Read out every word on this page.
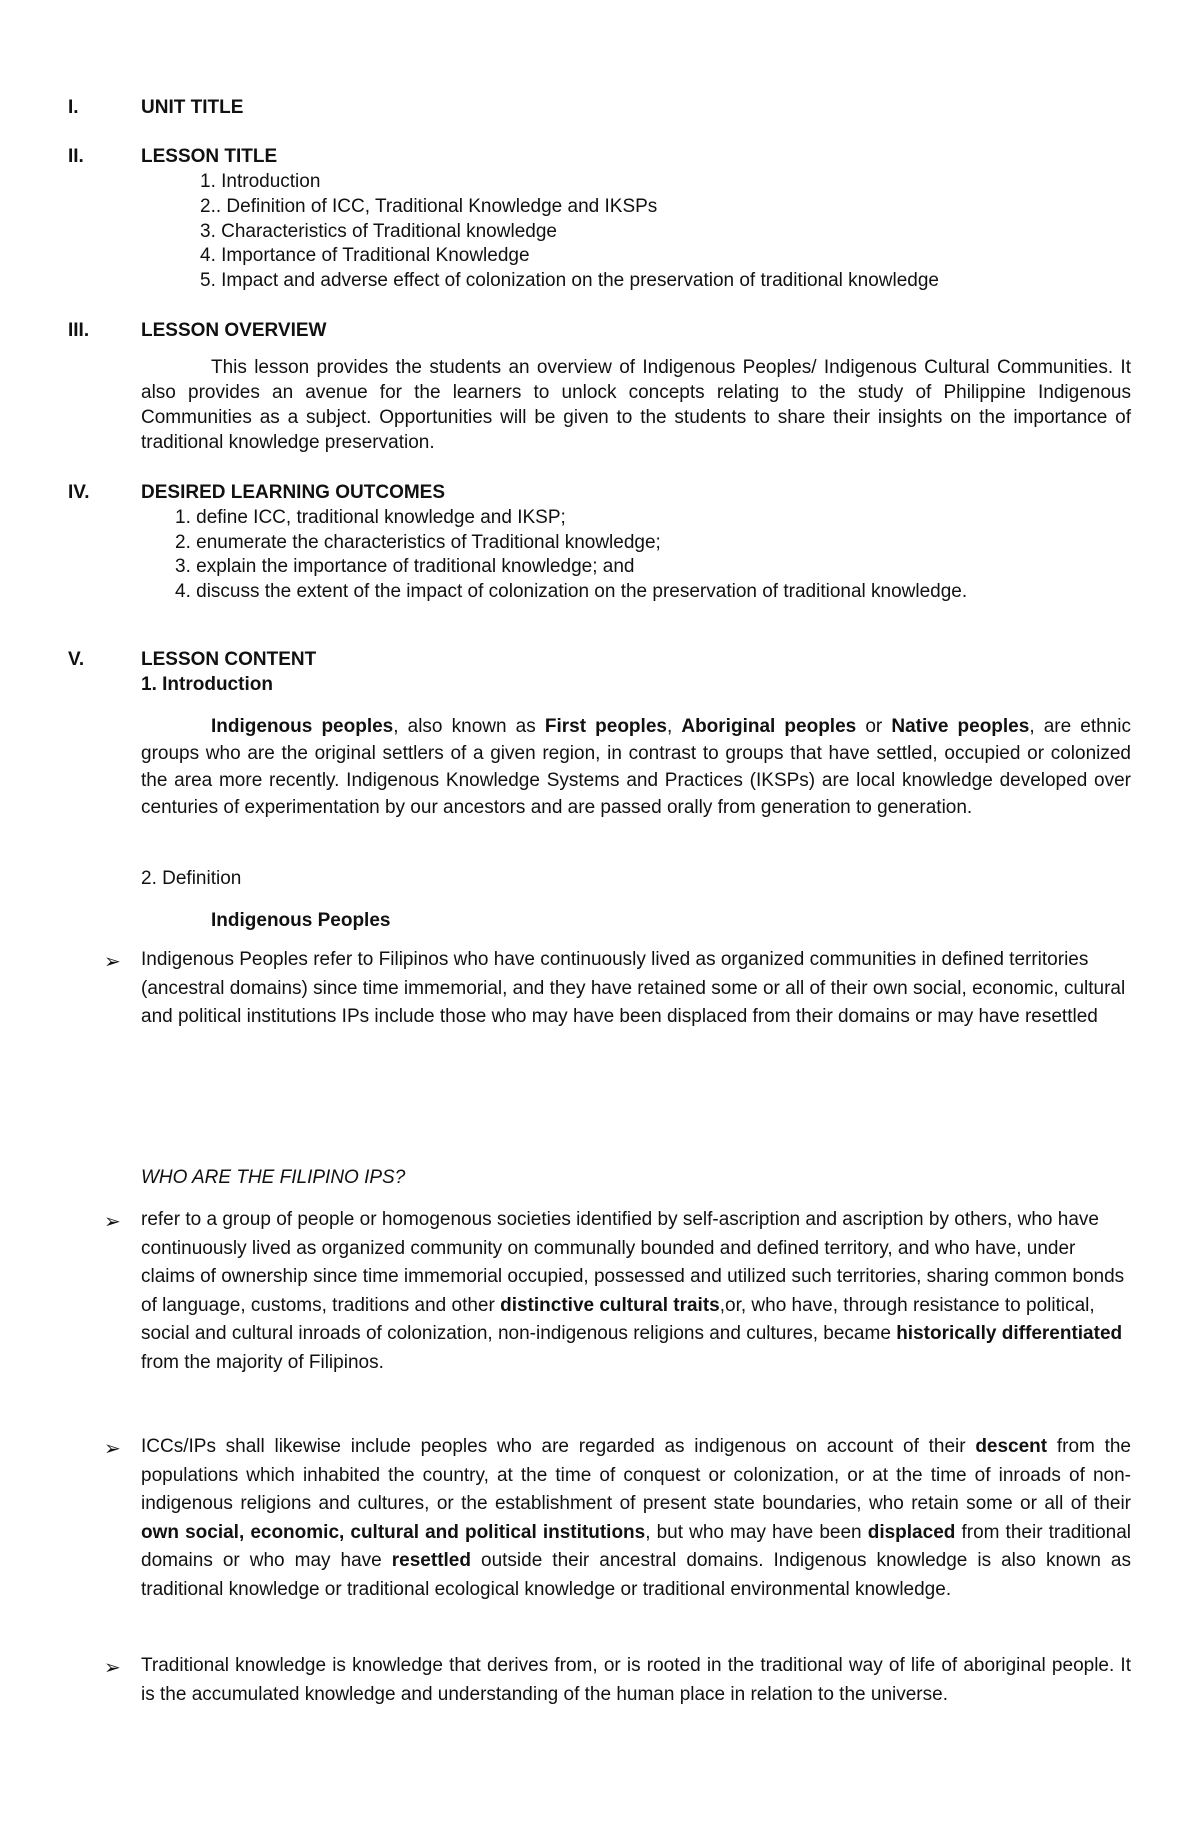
I.	UNIT TITLE
II.	LESSON TITLE
1. Introduction
2.. Definition of ICC, Traditional Knowledge and IKSPs
3. Characteristics of Traditional knowledge
4. Importance of Traditional Knowledge
5. Impact and adverse effect of colonization on the preservation of traditional knowledge
III.	LESSON OVERVIEW
This lesson provides the students an overview of Indigenous Peoples/ Indigenous Cultural Communities. It also provides an avenue for the learners to unlock concepts relating to the study of Philippine Indigenous Communities as a subject. Opportunities will be given to the students to share their insights on the importance of traditional knowledge preservation.
IV.	DESIRED LEARNING OUTCOMES
1. define ICC, traditional knowledge and IKSP;
2. enumerate the characteristics of Traditional knowledge;
3. explain the importance of traditional knowledge; and
4. discuss the extent of the impact of colonization on the preservation of traditional knowledge.
V.	LESSON CONTENT
1. Introduction
Indigenous peoples, also known as First peoples, Aboriginal peoples or Native peoples, are ethnic groups who are the original settlers of a given region, in contrast to groups that have settled, occupied or colonized the area more recently. Indigenous Knowledge Systems and Practices (IKSPs) are local knowledge developed over centuries of experimentation by our ancestors and are passed orally from generation to generation.
2. Definition
Indigenous Peoples
➢ Indigenous Peoples refer to Filipinos who have continuously lived as organized communities in defined territories (ancestral domains) since time immemorial, and they have retained some or all of their own social, economic, cultural and political institutions IPs include those who may have been displaced from their domains or may have resettled
WHO ARE THE FILIPINO IPS?
➢ refer to a group of people or homogenous societies identified by self-ascription and ascription by others, who have continuously lived as organized community on communally bounded and defined territory, and who have, under claims of ownership since time immemorial occupied, possessed and utilized such territories, sharing common bonds of language, customs, traditions and other distinctive cultural traits,or, who have, through resistance to political, social and cultural inroads of colonization, non-indigenous religions and cultures, became historically differentiated from the majority of Filipinos.
➢ ICCs/IPs shall likewise include peoples who are regarded as indigenous on account of their descent from the populations which inhabited the country, at the time of conquest or colonization, or at the time of inroads of non-indigenous religions and cultures, or the establishment of present state boundaries, who retain some or all of their own social, economic, cultural and political institutions, but who may have been displaced from their traditional domains or who may have resettled outside their ancestral domains. Indigenous knowledge is also known as traditional knowledge or traditional ecological knowledge or traditional environmental knowledge.
➢ Traditional knowledge is knowledge that derives from, or is rooted in the traditional way of life of aboriginal people. It is the accumulated knowledge and understanding of the human place in relation to the universe.
